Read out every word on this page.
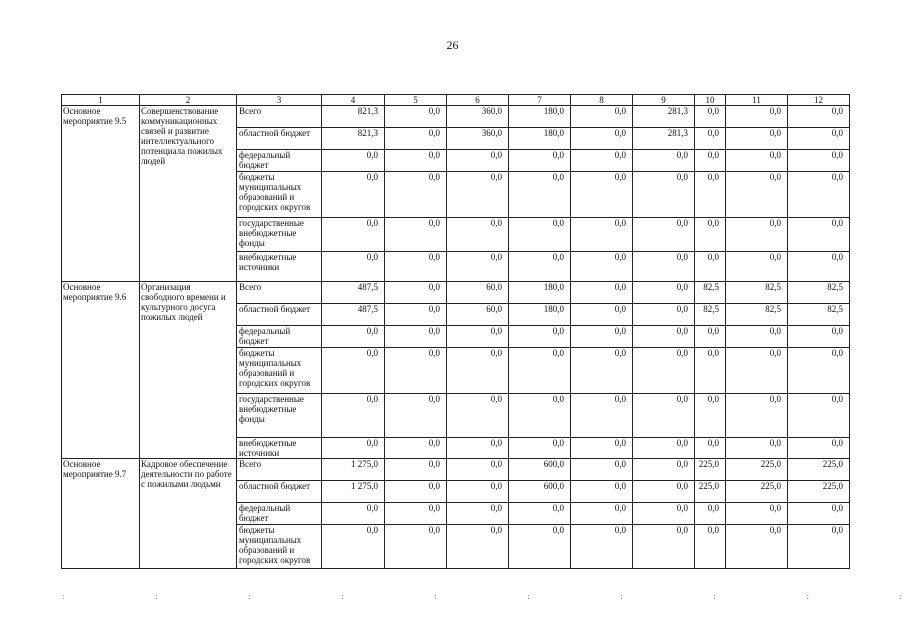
26
1	2	3	4	5	6	7	8	9	10	11	12
Основное мероприятие 9.5	Совершенствование коммуникационных связей и развитие интеллектуального потенциала пожилых людей	Всего	821,3	0,0	360,0	180,0	0,0	281,3	0,0	0,0	0,0
		областной бюджет	821,3	0,0	360,0	180,0	0,0	281,3	0,0	0,0	0,0
		федеральный бюджет	0,0	0,0	0,0	0,0	0,0	0,0	0,0	0,0	0,0
		бюджеты муниципальных образований и городских округов	0,0	0,0	0,0	0,0	0,0	0,0	0,0	0,0	0,0
		государственные внебюджетные фонды	0,0	0,0	0,0	0,0	0,0	0,0	0,0	0,0	0,0
		внебюджетные источники	0,0	0,0	0,0	0,0	0,0	0,0	0,0	0,0	0,0
Основное мероприятие 9.6	Организация свободного времени и культурного досуга пожилых людей	Всего	487,5	0,0	60,0	180,0	0,0	0,0	82,5	82,5	82,5
		областной бюджет	487,5	0,0	60,0	180,0	0,0	0,0	82,5	82,5	82,5
		федеральный бюджет	0,0	0,0	0,0	0,0	0,0	0,0	0,0	0,0	0,0
		бюджеты муниципальных образований и городских округов	0,0	0,0	0,0	0,0	0,0	0,0	0,0	0,0	0,0
		государственные внебюджетные фонды	0,0	0,0	0,0	0,0	0,0	0,0	0,0	0,0	0,0
		внебюджетные источники	0,0	0,0	0,0	0,0	0,0	0,0	0,0	0,0	0,0
Основное мероприятие 9.7	Кадровое обеспечение деятельности по работе с пожилыми людьми	Всего	1 275,0	0,0	0,0	600,0	0,0	0,0	225,0	225,0	225,0
		областной бюджет	1 275,0	0,0	0,0	600,0	0,0	0,0	225,0	225,0	225,0
		федеральный бюджет	0,0	0,0	0,0	0,0	0,0	0,0	0,0	0,0	0,0
		бюджеты муниципальных образований и городских округов	0,0	0,0	0,0	0,0	0,0	0,0	0,0	0,0	0,0
:	:	:	:	:	:	:	:	:	:
